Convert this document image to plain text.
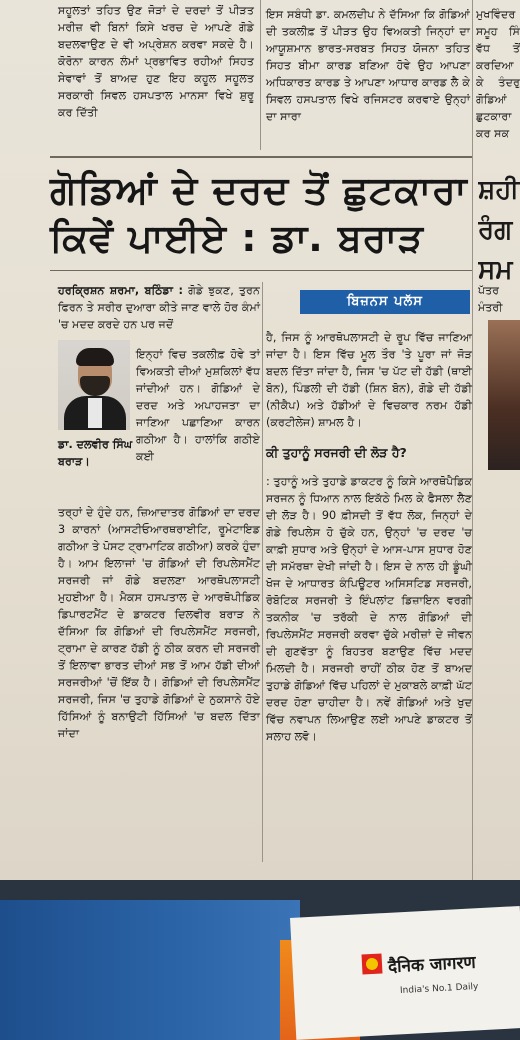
ਸਹੂਲਤਾਂ ਤਹਿਤ ਉਣ ਜੋੜਾਂ ਦੇ ਦਰਦਾਂ ਤੋਂ ਪੀੜਤ ਮਰੀਜ਼ ਵੀ ਬਿਨਾਂ ਕਿਸੇ ਖਰਚ ਦੇ ਆਪਣੇ ਗੋਡੇ ਬਦਲਵਾਉਣ ਦੇ ਵੀ ਅਪ੍ਰੇਸ਼ਨ ਕਰਵਾ ਸਕਦੇ ਹੈ। ਕੋਰੋਨਾ ਕਾਰਨ ਲੰਮਾਂ ਪ੍ਰਭਾਵਿਤ ਰਹੀਆਂ ਸਿਹਤ ਸੇਵਾਵਾਂ ਤੋਂ ਬਾਅਦ ਹੁਣ ਇਹ ਕਹੂਲ ਸਹੂਲਤ ਸਰਕਾਰੀ ਸਿਵਲ ਹਸਪਤਾਲ ਮਾਨਸਾ ਵਿਖੇ ਸ਼ੁਰੂ ਕਰ ਦਿੱਤੀ

ਇਸ ਸਬੰਧੀ ਡਾ. ਕਮਲਦੀਪ ਨੇ ਦੱਸਿਆ ਕਿ ਗੋਡਿਆਂ ਦੀ ਤਕਲੀਫ਼ ਤੋਂ ਪੀੜਤ ਉਹ ਵਿਅਕਤੀ ਜਿਨ੍ਹਾਂ ਦਾ ਆਯੂਸ਼ਮਾਨ ਭਾਰਤ-ਸਰਬਤ ਸਿਹਤ ਯੋਜਨਾ ਤਹਿਤ ਸਿਹਤ ਬੀਮਾ ਕਾਰਡ ਬਣਿਆ ਹੋਵੇ ਉਹ ਆਪਣਾ ਅਧਿਕਾਰਤ ਕਾਰਡ ਤੇ ਆਪਣਾ ਆਧਾਰ ਕਾਰਡ ਲੈ ਕੇ ਸਿਵਲ ਹਸਪਤਾਲ ਵਿਖੇ ਰਜਿਸਟਰ ਕਰਵਾਏ ਉਨ੍ਹਾਂ ਦਾ ਸਾਰਾ

ਮੁਖਵਿੰਦਰ ਸਮੂਹ ਸਿੰ ਵੱਧ ਤੋਂ ਕਰਦਿਆ ਕੇ ਤੰਦਰੁ ਗੋਡਿਆਂ ਛੁਟਕਾਰਾ ਕਰ ਸਕ

ਗੋਡਿਆਂ ਦੇ ਦਰਦ ਤੋਂ ਛੁਟਕਾਰਾ
ਕਿਵੇਂ ਪਾਈਏ : ਡਾ. ਬਰਾੜ
ਸ਼ਹੀ ਰੰਗ ਸਮ
ਹਰਕ੍ਰਿਸ਼ਨ ਸ਼ਰਮਾ, ਬਠਿੰਡਾ : ਗੋਡੇ ਝੁਕਣ, ਤੁਰਨ ਫਿਰਨ ਤੇ ਸਰੀਰ ਦੁਆਰਾ ਕੀਤੇ ਜਾਣ ਵਾਲੇ ਹੋਰ ਕੰਮਾਂ 'ਚ ਮਦਦ ਕਰਦੇ ਹਨ ਪਰ ਜਦੋਂ
ਇਨ੍ਹਾਂ ਵਿਚ ਤਕਲੀਫ਼ ਹੋਵੇ ਤਾਂ ਵਿਅਕਤੀ ਦੀਆਂ ਮੁਸ਼ਕਿਲਾਂ ਵੱਧ ਜਾਂਦੀਆਂ ਹਨ। ਗੋਡਿਆਂ ਦੇ ਦਰਦ ਅਤੇ ਅਪਾਹਜਤਾ ਦਾ ਜਾਣਿਆ ਪਛਾਣਿਆ ਕਾਰਨ ਗਠੀਆ ਹੈ। ਹਾਲਾਂਕਿ ਗਠੀਏ ਕਈ
ਡਾ. ਦਲਵੀਰ ਸਿੰਘ ਬਰਾੜ।
ਤਰ੍ਹਾਂ ਦੇ ਹੁੰਦੇ ਹਨ, ਜ਼ਿਆਦਾਤਰ ਗੋਡਿਆਂ ਦਾ ਦਰਦ 3 ਕਾਰਨਾਂ (ਆਸਟੀਓਆਰਥਰਾਈਟਿ, ਰੂਮੇਟਾਇਡ ਗਠੀਆ ਤੇ ਪੋਸਟ ਟ੍ਰਾਮਾਟਿਕ ਗਠੀਆ) ਕਰਕੇ ਹੁੰਦਾ ਹੈ। ਆਮ ਇਲਾਜਾਂ 'ਚ ਗੋਡਿਆਂ ਦੀ ਰਿਪਲੇਸਮੈਂਟ ਸਰਜਰੀ ਜਾਂ ਗੋਡੇ ਬਦਲਣਾ ਆਰਥੋਪਲਾਸਟੀ ਮੁਹਈਆ ਹੈ। ਮੈਕਸ ਹਸਪਤਾਲ ਦੇ ਆਰਥੋਪੀਡਿਕ ਡਿਪਾਰਟਮੈਂਟ ਦੇ ਡਾਕਟਰ ਦਿਲਵੀਰ ਬਰਾੜ ਨੇ ਦੱਸਿਆ ਕਿ ਗੋਡਿਆਂ ਦੀ ਰਿਪਲੇਸਮੈਂਟ ਸਰਜਰੀ, ਟ੍ਰਾਮਾ ਦੇ ਕਾਰਣ ਹੱਡੀ ਨੂੰ ਠੀਕ ਕਰਨ ਦੀ ਸਰਜਰੀ ਤੋਂ ਇਲਾਵਾ ਭਾਰਤ ਦੀਆਂ ਸਭ ਤੋਂ ਆਮ ਹੱਡੀ ਦੀਆਂ ਸਰਜਰੀਆਂ 'ਚੋਂ ਇੱਕ ਹੈ। ਗੋਡਿਆਂ ਦੀ ਰਿਪਲੇਸਮੈਂਟ ਸਰਜਰੀ, ਜਿਸ 'ਚ ਤੁਹਾਡੇ ਗੋਡਿਆਂ ਦੇ ਨੁਕਸਾਨੇ ਹੋਏ ਹਿੱਸਿਆਂ ਨੂੰ ਬਨਾਉਟੀ ਹਿੱਸਿਆਂ 'ਚ ਬਦਲ ਦਿੱਤਾ ਜਾਂਦਾ
ਬਿਜ਼ਨਸ ਪਲੱਸ

ਹੈ, ਜਿਸ ਨੂੰ ਆਰਥੋਪਲਾਸਟੀ ਦੇ ਰੂਪ ਵਿੱਚ ਜਾਣਿਆ ਜਾਂਦਾ ਹੈ। ਇਸ ਵਿੱਚ ਮੂਲ ਤੌਰ 'ਤੇ ਪੂਰਾ ਜਾਂ ਜੋੜ ਬਦਲ ਦਿੱਤਾ ਜਾਂਦਾ ਹੈ, ਜਿਸ 'ਚ ਪੱਟ ਦੀ ਹੱਡੀ (ਥਾਈ ਬੋਨ), ਪਿੰਡਲੀ ਦੀ ਹੱਡੀ (ਸ਼ਿਨ ਬੋਨ), ਗੋਡੇ ਦੀ ਹੱਡੀ (ਨੀਕੈਪ) ਅਤੇ ਹੱਡੀਆਂ ਦੇ ਵਿਚਕਾਰ ਨਰਮ ਹੱਡੀ (ਕਰਟੀਲੇਜ) ਸ਼ਾਮਲ ਹੈ।

ਕੀ ਤੁਹਾਨੂੰ ਸਰਜਰੀ ਦੀ ਲੋੜ ਹੈ?

: ਤੁਹਾਨੂੰ ਅਤੇ ਤੁਹਾਡੇ ਡਾਕਟਰ ਨੂੰ ਕਿਸੇ ਆਰਥੋਪੈਡਿਕ ਸਰਜਨ ਨੂੰ ਧਿਆਨ ਨਾਲ ਇਕੱਠੇ ਮਿਲ ਕੇ ਫੈਸਲਾ ਲੈਣ ਦੀ ਲੋੜ ਹੈ। 90 ਫ਼ੀਸਦੀ ਤੋਂ ਵੱਧ ਲੋਕ, ਜਿਨ੍ਹਾਂ ਦੇ ਗੋਡੇ ਰਿਪਲੇਸ ਹੋ ਚੁੱਕੇ ਹਨ, ਉਨ੍ਹਾਂ 'ਚ ਦਰਦ 'ਚ ਕਾਫ਼ੀ ਸੁਧਾਰ ਅਤੇ ਉਨ੍ਹਾਂ ਦੇ ਆਸ-ਪਾਸ ਸੁਧਾਰ ਹੋਣ ਦੀ ਸਮੱਰਥਾ ਦੇਖੀ ਜਾਂਦੀ ਹੈ। ਇਸ ਦੇ ਨਾਲ ਹੀ ਡੂੰਘੀ ਖੋਜ ਦੇ ਆਧਾਰਤ ਕੰਪਿਊਟਰ ਅਸਿਸਟਿਡ ਸਰਜਰੀ, ਰੋਬੋਟਿਕ ਸਰਜਰੀ ਤੇ ਇੰਪਲਾਂਟ ਡਿਜ਼ਾਇਨ ਵਰਗੀ ਤਕਨੀਕ 'ਚ ਤਰੱਕੀ ਦੇ ਨਾਲ ਗੋਡਿਆਂ ਦੀ ਰਿਪਲੇਸਮੈਂਟ ਸਰਜਰੀ ਕਰਵਾ ਚੁੱਕੇ ਮਰੀਜ਼ਾਂ ਦੇ ਜੀਵਨ ਦੀ ਗੁਣਵੱਤਾ ਨੂੰ ਬਿਹਤਰ ਬਣਾਉਣ ਵਿੱਚ ਮਦਦ ਮਿਲਦੀ ਹੈ। ਸਰਜਰੀ ਰਾਹੀਂ ਠੀਕ ਹੋਣ ਤੋਂ ਬਾਅਦ ਤੁਹਾਡੇ ਗੋਡਿਆਂ ਵਿੱਚ ਪਹਿਲਾਂ ਦੇ ਮੁਕਾਬਲੇ ਕਾਫ਼ੀ ਘੱਟ ਦਰਦ ਹੋਣਾ ਚਾਹੀਦਾ ਹੈ। ਨਵੇਂ ਗੋਡਿਆਂ ਅਤੇ ਖੁਦ ਵਿੱਚ ਨਵਾਪਨ ਲਿਆਉਣ ਲਈ ਆਪਣੇ ਡਾਕਟਰ ਤੋਂ ਸਲਾਹ ਲਵੋ।

ਪੱਤਰ ਮੰਤਰੀ
दैनिक जागरण
India's No.1 Daily
